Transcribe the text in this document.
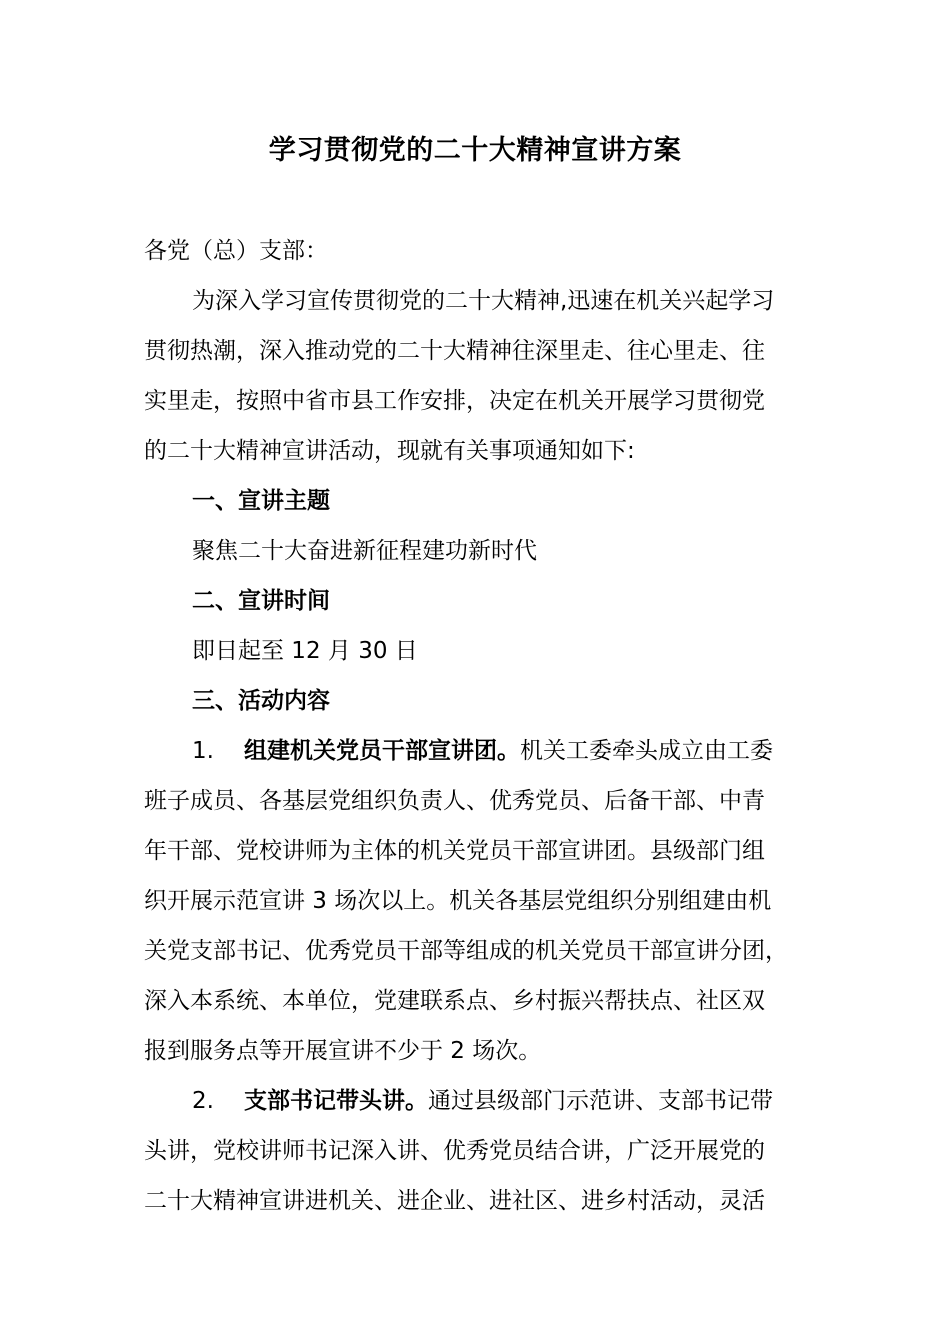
学习贯彻党的二十大精神宣讲方案
各党（总）支部：
为深入学习宣传贯彻党的二十大精神,迅速在机关兴起学习
贯彻热潮，深入推动党的二十大精神往深里走、往心里走、往
实里走，按照中省市县工作安排，决定在机关开展学习贯彻党
的二十大精神宣讲活动，现就有关事项通知如下:
一、宣讲主题
聚焦二十大奋进新征程建功新时代
二、宣讲时间
即日起至 12 月 30 日
三、活动内容
1. 组建机关党员干部宣讲团。机关工委牵头成立由工委
班子成员、各基层党组织负责人、优秀党员、后备干部、中青
年干部、党校讲师为主体的机关党员干部宣讲团。县级部门组
织开展示范宣讲 3 场次以上。机关各基层党组织分别组建由机
关党支部书记、优秀党员干部等组成的机关党员干部宣讲分团，
深入本系统、本单位，党建联系点、乡村振兴帮扶点、社区双
报到服务点等开展宣讲不少于 2 场次。
2. 支部书记带头讲。通过县级部门示范讲、支部书记带
头讲，党校讲师书记深入讲、优秀党员结合讲，广泛开展党的
二十大精神宣讲进机关、进企业、进社区、进乡村活动，灵活
